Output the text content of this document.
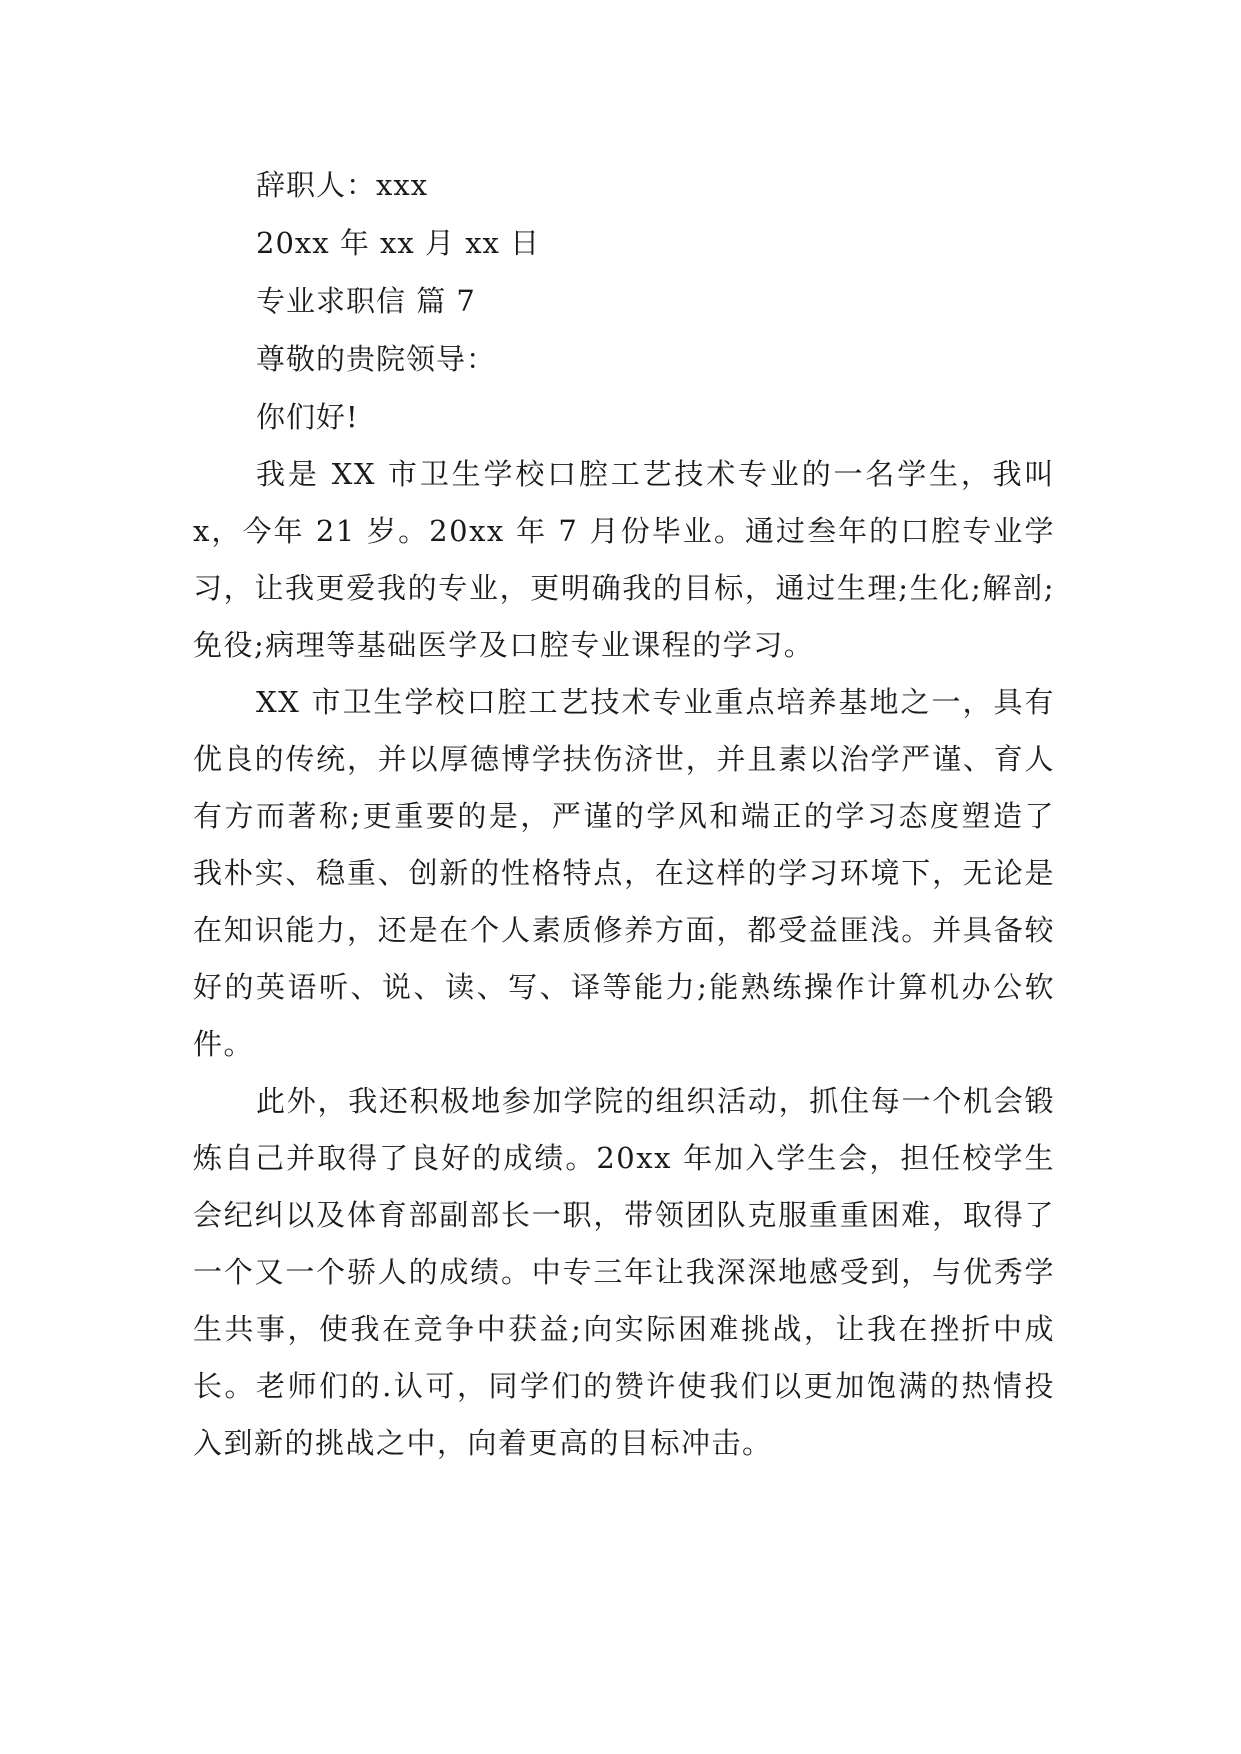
辞职人：xxx
20xx 年 xx 月 xx 日
专业求职信 篇 7
尊敬的贵院领导：
你们好!

我是 XX 市卫生学校口腔工艺技术专业的一名学生，我叫 x，今年 21 岁。20xx 年 7 月份毕业。通过叁年的口腔专业学习，让我更爱我的专业，更明确我的目标，通过生理;生化;解剖;免役;病理等基础医学及口腔专业课程的学习。

XX 市卫生学校口腔工艺技术专业重点培养基地之一，具有优良的传统，并以厚德博学扶伤济世，并且素以治学严谨、育人有方而著称;更重要的是，严谨的学风和端正的学习态度塑造了我朴实、稳重、创新的性格特点，在这样的学习环境下，无论是在知识能力，还是在个人素质修养方面，都受益匪浅。并具备较好的英语听、说、读、写、译等能力;能熟练操作计算机办公软件。

此外，我还积极地参加学院的组织活动，抓住每一个机会锻炼自己并取得了良好的成绩。20xx 年加入学生会，担任校学生会纪纠以及体育部副部长一职，带领团队克服重重困难，取得了一个又一个骄人的成绩。中专三年让我深深地感受到，与优秀学生共事，使我在竞争中获益;向实际困难挑战，让我在挫折中成长。老师们的.认可，同学们的赞许使我们以更加饱满的热情投入到新的挑战之中，向着更高的目标冲击。
